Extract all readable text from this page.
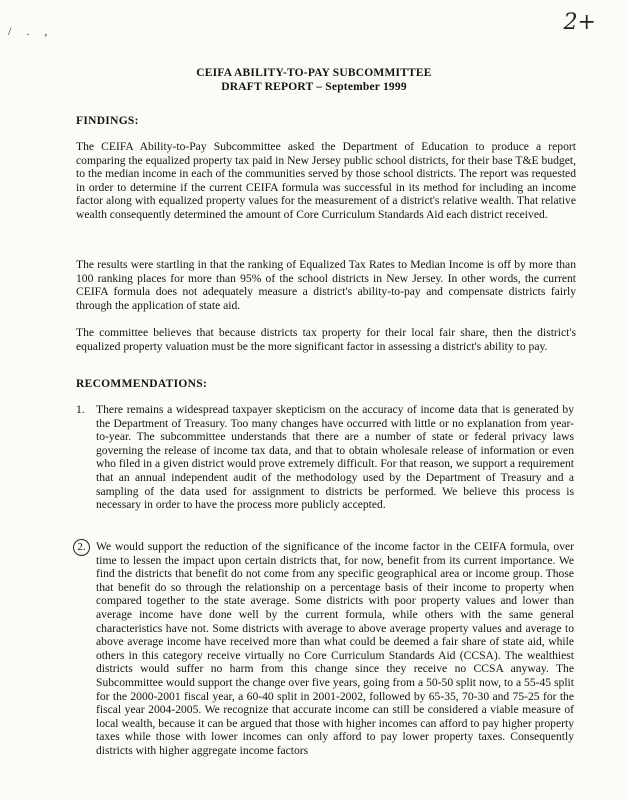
/ . ,	2+
CEIFA ABILITY-TO-PAY SUBCOMMITTEE
DRAFT REPORT – September 1999
FINDINGS:

The CEIFA Ability-to-Pay Subcommittee asked the Department of Education to produce a report comparing the equalized property tax paid in New Jersey public school districts, for their base T&E budget, to the median income in each of the communities served by those school districts. The report was requested in order to determine if the current CEIFA formula was successful in its method for including an income factor along with equalized property values for the measurement of a district's relative wealth. That relative wealth consequently determined the amount of Core Curriculum Standards Aid each district received.

The results were startling in that the ranking of Equalized Tax Rates to Median Income is off by more than 100 ranking places for more than 95% of the school districts in New Jersey. In other words, the current CEIFA formula does not adequately measure a district's ability-to-pay and compensate districts fairly through the application of state aid.

The committee believes that because districts tax property for their local fair share, then the district's equalized property valuation must be the more significant factor in assessing a district's ability to pay.

RECOMMENDATIONS:
1. There remains a widespread taxpayer skepticism on the accuracy of income data that is generated by the Department of Treasury. Too many changes have occurred with little or no explanation from year-to-year. The subcommittee understands that there are a number of state or federal privacy laws governing the release of income tax data, and that to obtain wholesale release of information or even who filed in a given district would prove extremely difficult. For that reason, we support a requirement that an annual independent audit of the methodology used by the Department of Treasury and a sampling of the data used for assignment to districts be performed. We believe this process is necessary in order to have the process more publicly accepted.
2. We would support the reduction of the significance of the income factor in the CEIFA formula, over time to lessen the impact upon certain districts that, for now, benefit from its current importance. We find the districts that benefit do not come from any specific geographical area or income group. Those that benefit do so through the relationship on a percentage basis of their income to property when compared together to the state average. Some districts with poor property values and lower than average income have done well by the current formula, while others with the same general characteristics have not. Some districts with average to above average property values and average to above average income have received more than what could be deemed a fair share of state aid, while others in this category receive virtually no Core Curriculum Standards Aid (CCSA). The wealthiest districts would suffer no harm from this change since they receive no CCSA anyway. The Subcommittee would support the change over five years, going from a 50-50 split now, to a 55-45 split for the 2000-2001 fiscal year, a 60-40 split in 2001-2002, followed by 65-35, 70-30 and 75-25 for the fiscal year 2004-2005. We recognize that accurate income can still be considered a viable measure of local wealth, because it can be argued that those with higher incomes can afford to pay higher property taxes while those with lower incomes can only afford to pay lower property taxes. Consequently districts with higher aggregate income factors
